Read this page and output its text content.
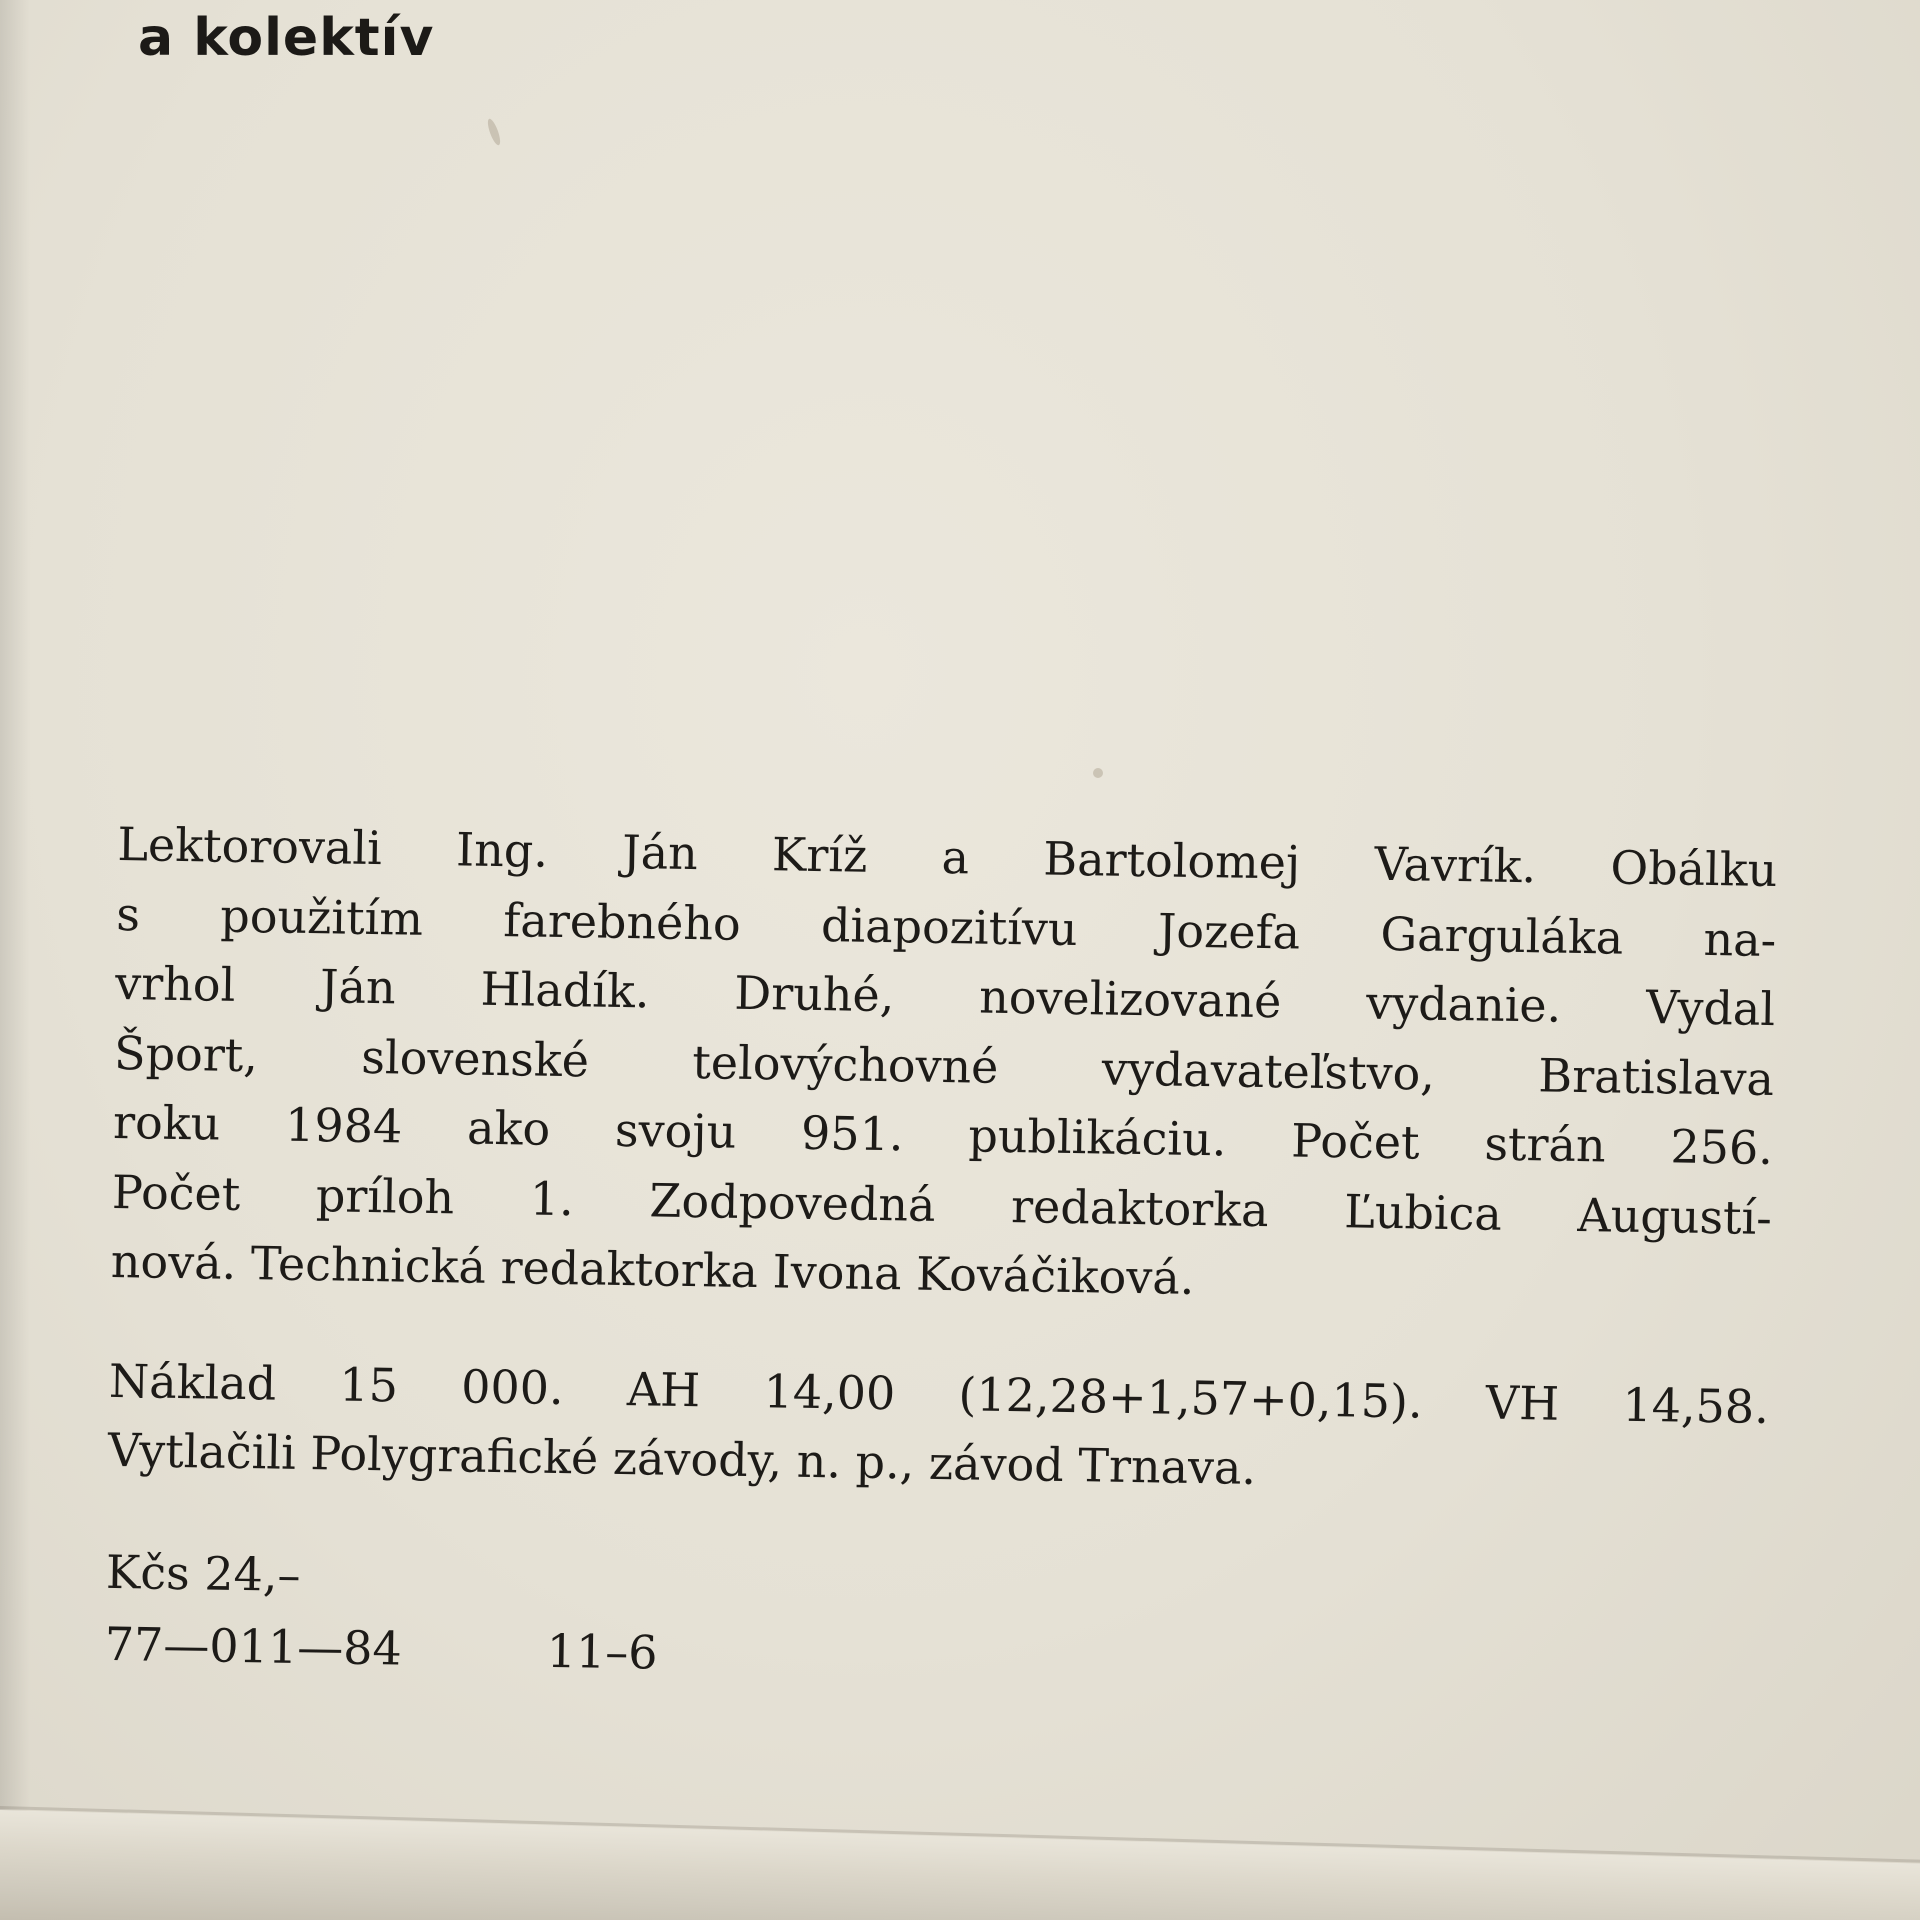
a kolektív
Lektorovali Ing. Ján Kríž a Bartolomej Vavrík. Obálku
s použitím farebného diapozitívu Jozefa Garguláka na-
vrhol Ján Hladík. Druhé, novelizované vydanie. Vydal
Šport, slovenské telovýchovné vydavateľstvo, Bratislava
roku 1984 ako svoju 951. publikáciu. Počet strán 256.
Počet príloh 1. Zodpovedná redaktorka Ľubica Augustí-
nová. Technická redaktorka Ivona Kováčiková.
Náklad 15 000. AH 14,00 (12,28+1,57+0,15). VH 14,58.
Vytlačili Polygrafické závody, n. p., závod Trnava.
Kčs 24,–
77—011—84	11–6
